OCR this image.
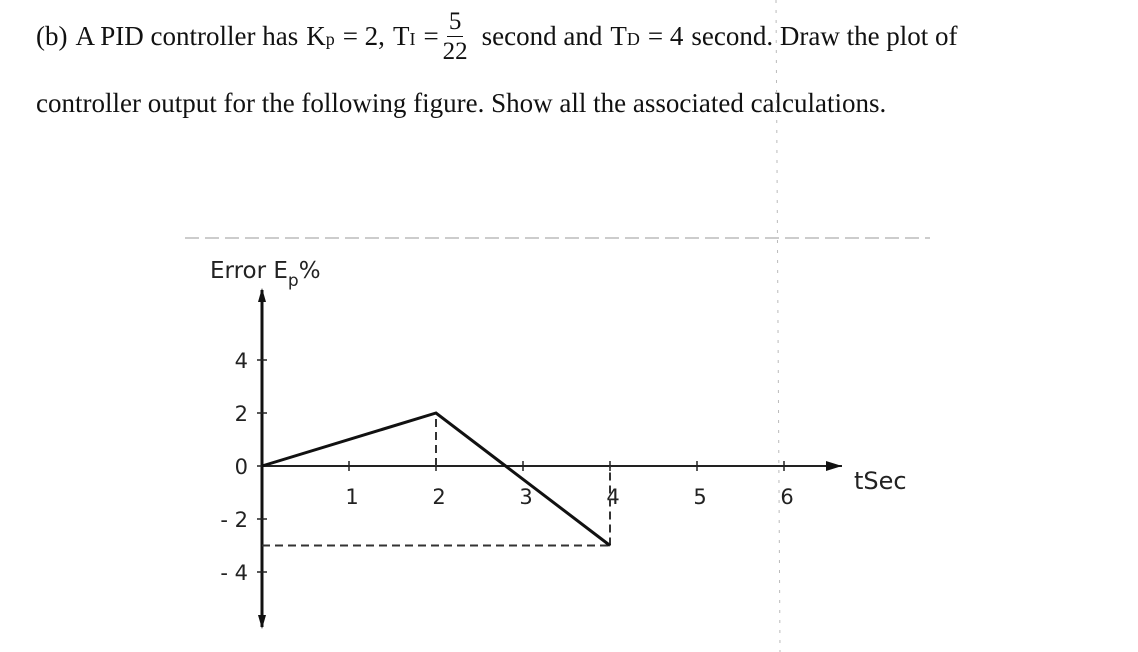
(b) A PID controller has $K_p = 2$, $T_I = \frac{5}{22}$ second and $T_D = 4$ second. Draw the plot of
controller output for the following figure. Show all the associated calculations.
Error $E_p\%$
tSec
1	2	3	4	5	6
4
2
0
- 2
- 4
